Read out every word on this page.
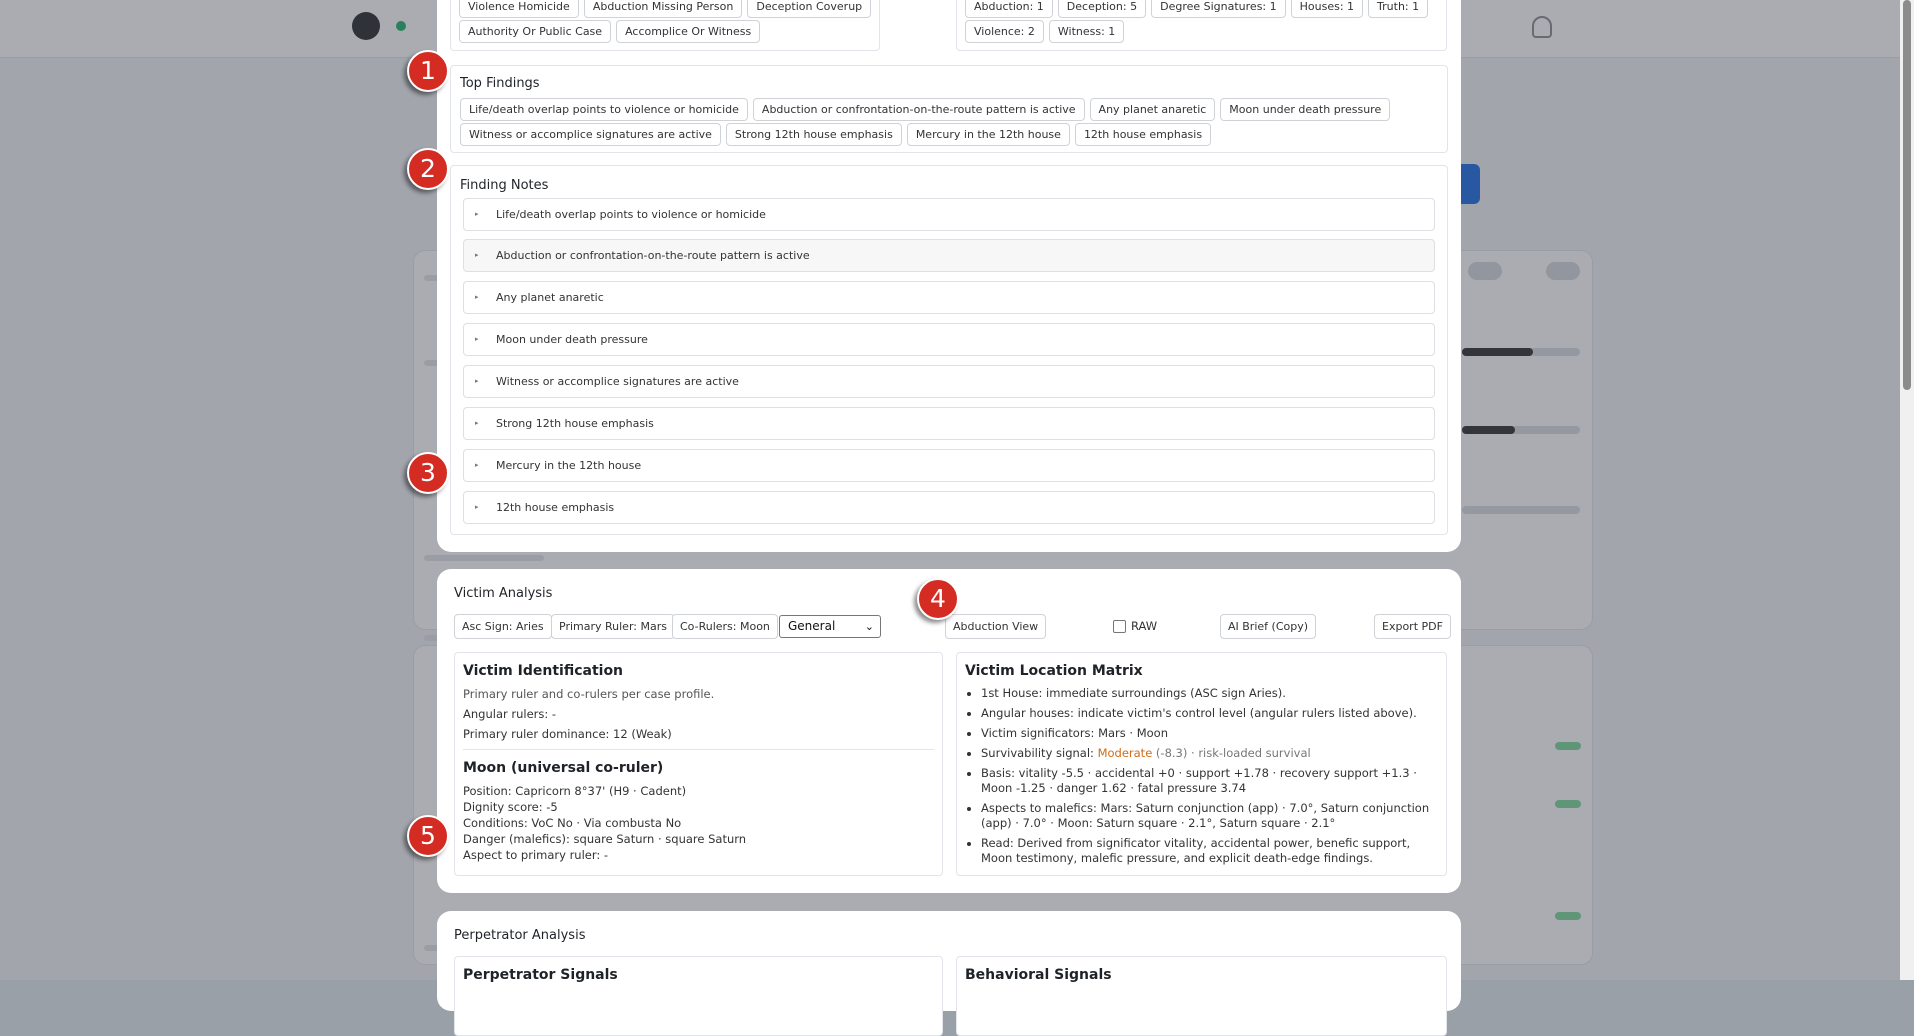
Violence Homicide Abduction Missing Person Deception Coverup
Authority Or Public Case Accomplice Or Witness
Abduction: 1 Deception: 5 Degree Signatures: 1 Houses: 1 Truth: 1
Violence: 2 Witness: 1
Top Findings
Life/death overlap points to violence or homicide Abduction or confrontation-on-the-route pattern is active Any planet anaretic Moon under death pressure
Witness or accomplice signatures are active Strong 12th house emphasis Mercury in the 12th house 12th house emphasis
Finding Notes
▸ Life/death overlap points to violence or homicide
▸ Abduction or confrontation-on-the-route pattern is active
▸ Any planet anaretic
▸ Moon under death pressure
▸ Witness or accomplice signatures are active
▸ Strong 12th house emphasis
▸ Mercury in the 12th house
▸ 12th house emphasis
Victim Analysis
Asc Sign: Aries	Primary Ruler: Mars	Co-Rulers: Moon	General	⌄	Abduction View	RAW	AI Brief (Copy)	Export PDF
Victim Identification
Primary ruler and co-rulers per case profile.
Angular rulers: -
Primary ruler dominance: 12 (Weak)
Moon (universal co-ruler)
Position: Capricorn 8°37' (H9 · Cadent)
Dignity score: -5
Conditions: VoC No · Via combusta No
Danger (malefics): square Saturn · square Saturn
Aspect to primary ruler: -
Victim Location Matrix
• 1st House: immediate surroundings (ASC sign Aries).
• Angular houses: indicate victim's control level (angular rulers listed above).
• Victim significators: Mars · Moon
• Survivability signal: Moderate (-8.3) · risk-loaded survival
• Basis: vitality -5.5 · accidental +0 · support +1.78 · recovery support +1.3 · Moon -1.25 · danger 1.62 · fatal pressure 3.74
• Aspects to malefics: Mars: Saturn conjunction (app) · 7.0°, Saturn conjunction (app) · 7.0° · Moon: Saturn square · 2.1°, Saturn square · 2.1°
• Read: Derived from significator vitality, accidental power, benefic support, Moon testimony, malefic pressure, and explicit death-edge findings.
Perpetrator Analysis
Perpetrator Signals	Behavioral Signals
1
2
3
4
5
